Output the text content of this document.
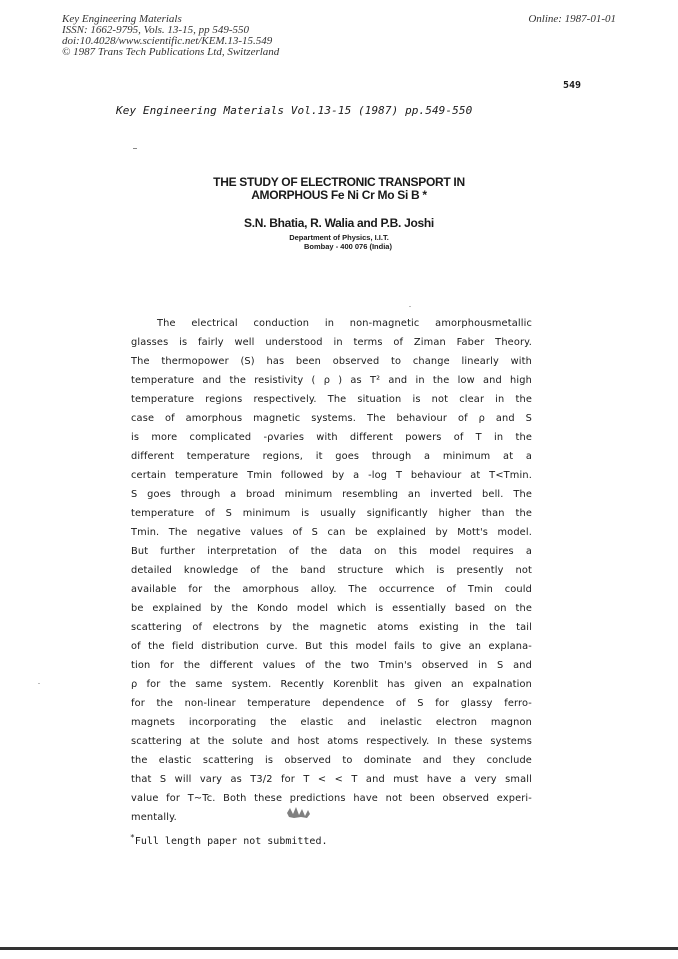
Key Engineering Materials
ISSN: 1662-9795, Vols. 13-15, pp 549-550
doi:10.4028/www.scientific.net/KEM.13-15.549
© 1987 Trans Tech Publications Ltd, Switzerland
Online: 1987-01-01
549
Key Engineering Materials Vol.13-15 (1987) pp.549-550
THE STUDY OF ELECTRONIC TRANSPORT IN
AMORPHOUS Fe Ni Cr Mo Si B *
S.N. Bhatia, R. Walia and P.B. Joshi
Department of Physics, I.I.T.
Bombay - 400 076 (India)
The electrical conduction in non-magnetic amorphousmetallic
glasses is fairly well understood in terms of Ziman Faber Theory.
The thermopower (S) has been observed to change linearly with
temperature and the resistivity ( ρ ) as T² and in the low and high
temperature regions respectively. The situation is not clear in the
case of amorphous magnetic systems. The behaviour of ρ and S
is more complicated -ρvaries with different powers of T in the
different temperature regions, it goes through a minimum at a
certain temperature Tmin followed by a -log T behaviour at T<Tmin.
S goes through a broad minimum resembling an inverted bell. The
temperature of S minimum is usually significantly higher than the
Tmin. The negative values of S can be explained by Mott's model.
But further interpretation of the data on this model requires a
detailed knowledge of the band structure which is presently not
available for the amorphous alloy. The occurrence of Tmin could
be explained by the Kondo model which is essentially based on the
scattering of electrons by the magnetic atoms existing in the tail
of the field distribution curve. But this model fails to give an explana-
tion for the different values of the two Tmin's observed in S and
ρ for the same system. Recently Korenblit has given an expalnation
for the non-linear temperature dependence of S for glassy ferro-
magnets incorporating the elastic and inelastic electron magnon
scattering at the solute and host atoms respectively. In these systems
the elastic scattering is observed to dominate and they conclude
that S will vary as T3/2 for T < < T and must have a very small
value for T~Tc. Both these predictions have not been observed experi-
mentally.
*Full length paper not submitted.
